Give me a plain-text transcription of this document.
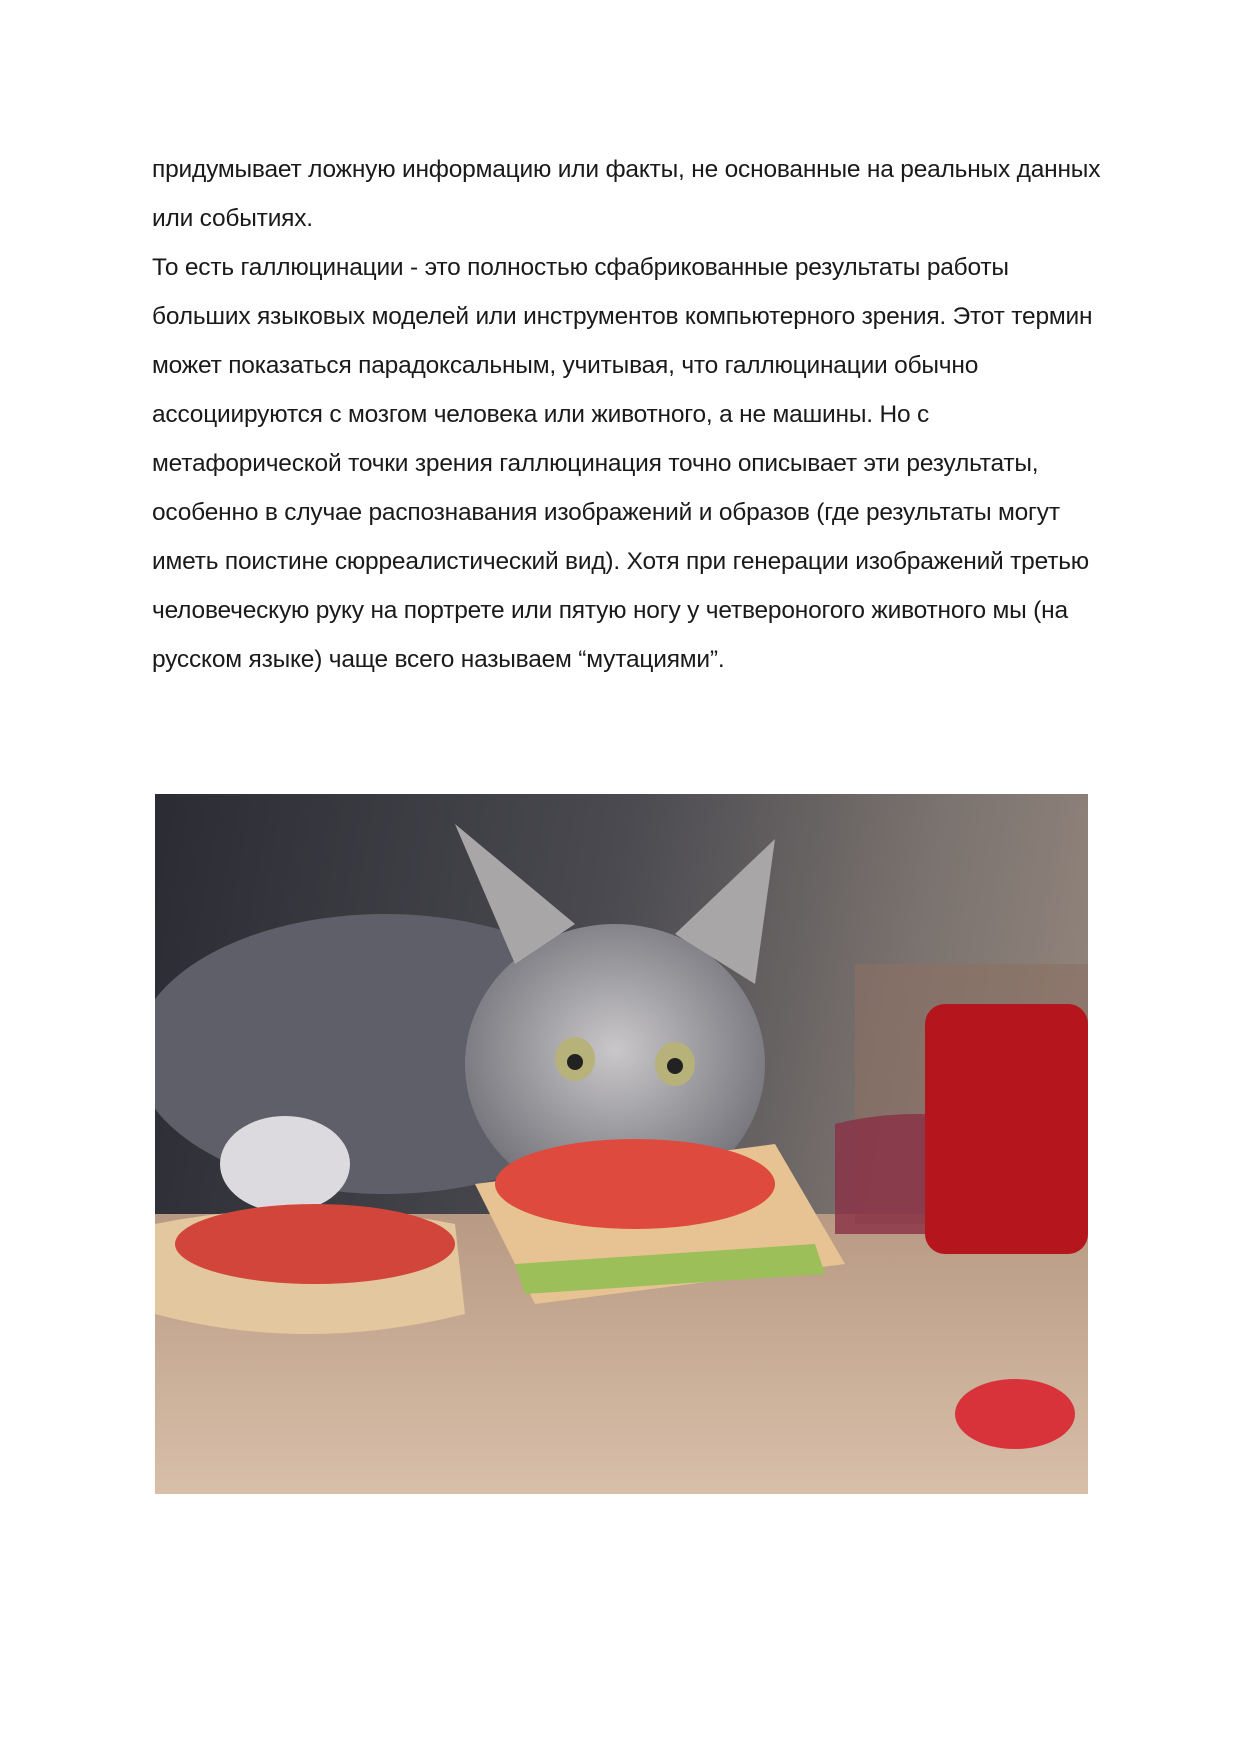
придумывает ложную информацию или факты, не основанные на реальных данных или событиях.

То есть галлюцинации - это полностью сфабрикованные результаты работы больших языковых моделей или инструментов компьютерного зрения. Этот термин может показаться парадоксальным, учитывая, что галлюцинации обычно ассоциируются с мозгом человека или животного, а не машины. Но с метафорической точки зрения галлюцинация точно описывает эти результаты, особенно в случае распознавания изображений и образов (где результаты могут иметь поистине сюрреалистический вид). Хотя при генерации изображений третью человеческую руку на портрете или пятую ногу у четвероногого животного мы (на русском языке) чаще всего называем “мутациями”.
